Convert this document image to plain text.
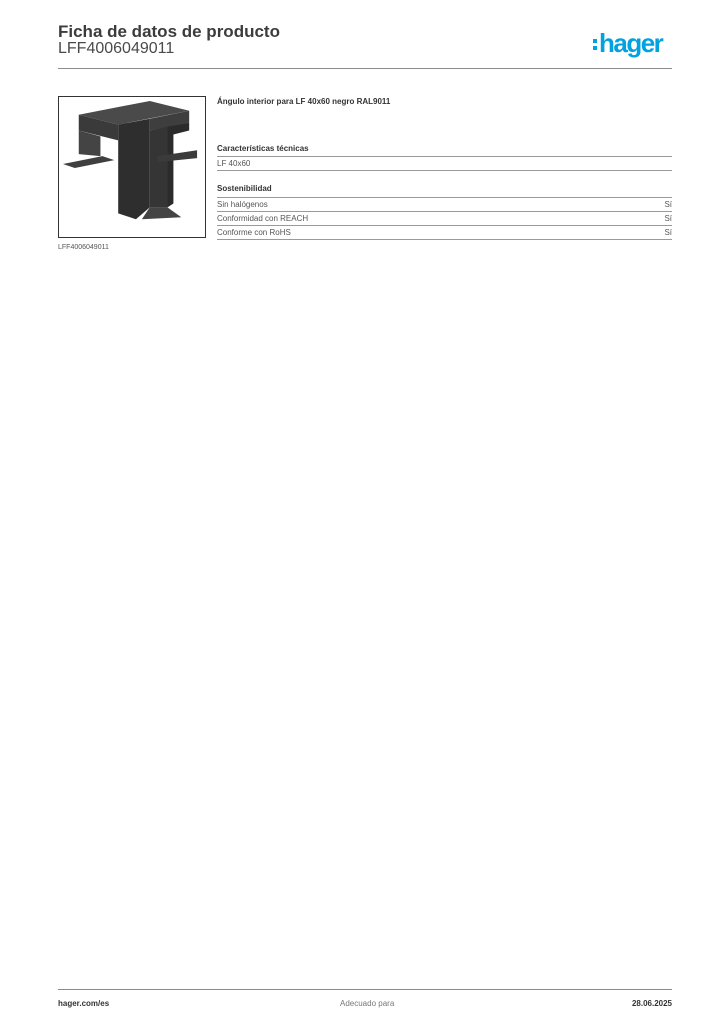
Ficha de datos de producto
LFF4006049011	hager
LFF4006049011
Ángulo interior para LF 40x60 negro RAL9011
Características técnicas
LF 40x60
Sostenibilidad
Sin halógenos	Sí
Conformidad con REACH	Sí
Conforme con RoHS	Sí
hager.com/es	Adecuado para	28.06.2025
